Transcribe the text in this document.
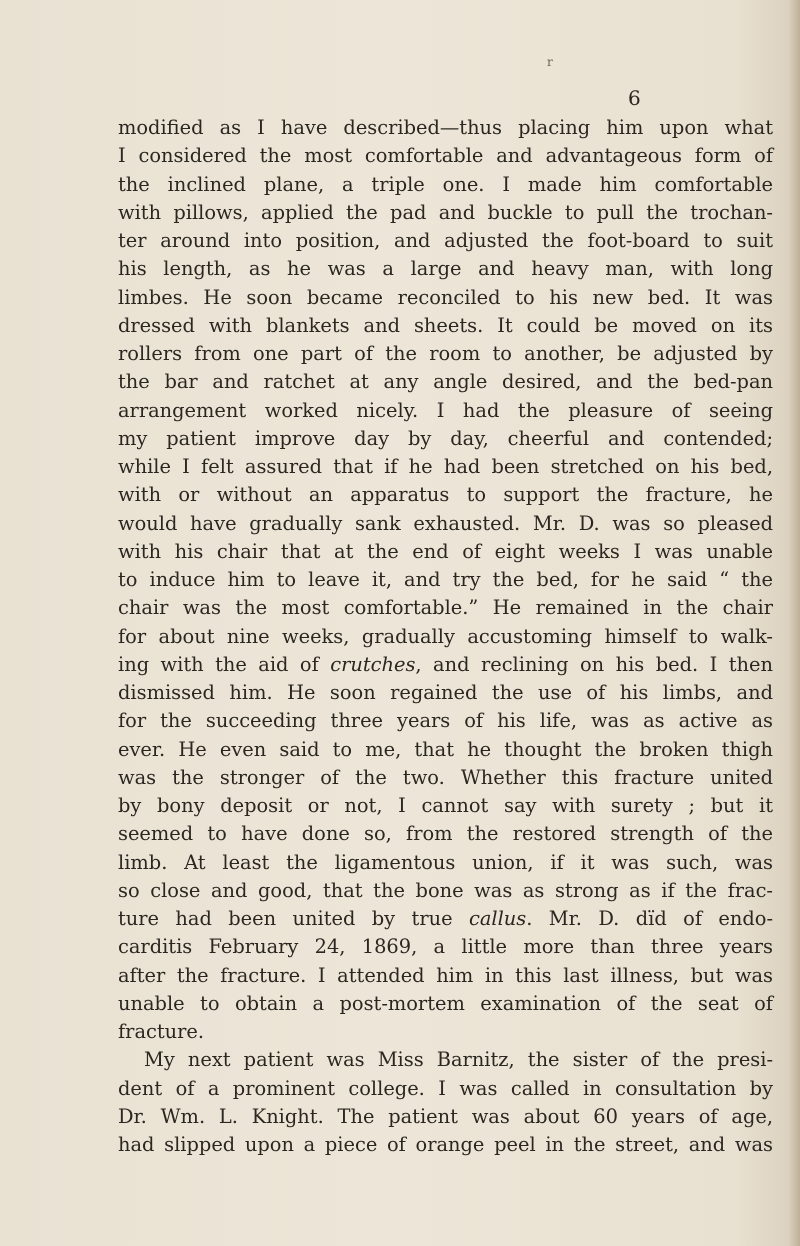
r
6
modified as I have described—thus placing him upon what
I considered the most comfortable and advantageous form of
the inclined plane, a triple one. I made him comfortable
with pillows, applied the pad and buckle to pull the trochan-
ter around into position, and adjusted the foot-board to suit
his length, as he was a large and heavy man, with long
limbes. He soon became reconciled to his new bed. It was
dressed with blankets and sheets. It could be moved on its
rollers from one part of the room to another, be adjusted by
the bar and ratchet at any angle desired, and the bed-pan
arrangement worked nicely. I had the pleasure of seeing
my patient improve day by day, cheerful and contended;
while I felt assured that if he had been stretched on his bed,
with or without an apparatus to support the fracture, he
would have gradually sank exhausted. Mr. D. was so pleased
with his chair that at the end of eight weeks I was unable
to induce him to leave it, and try the bed, for he said “ the
chair was the most comfortable.” He remained in the chair
for about nine weeks, gradually accustoming himself to walk-
ing with the aid of crutches, and reclining on his bed. I then
dismissed him. He soon regained the use of his limbs, and
for the succeeding three years of his life, was as active as
ever. He even said to me, that he thought the broken thigh
was the stronger of the two. Whether this fracture united
by bony deposit or not, I cannot say with surety ; but it
seemed to have done so, from the restored strength of the
limb. At least the ligamentous union, if it was such, was
so close and good, that the bone was as strong as if the frac-
ture had been united by true callus. Mr. D. dïd of endo-
carditis February 24, 1869, a little more than three years
after the fracture. I attended him in this last illness, but was
unable to obtain a post-mortem examination of the seat of
fracture.
My next patient was Miss Barnitz, the sister of the presi-
dent of a prominent college. I was called in consultation by
Dr. Wm. L. Knight. The patient was about 60 years of age,
had slipped upon a piece of orange peel in the street, and was
